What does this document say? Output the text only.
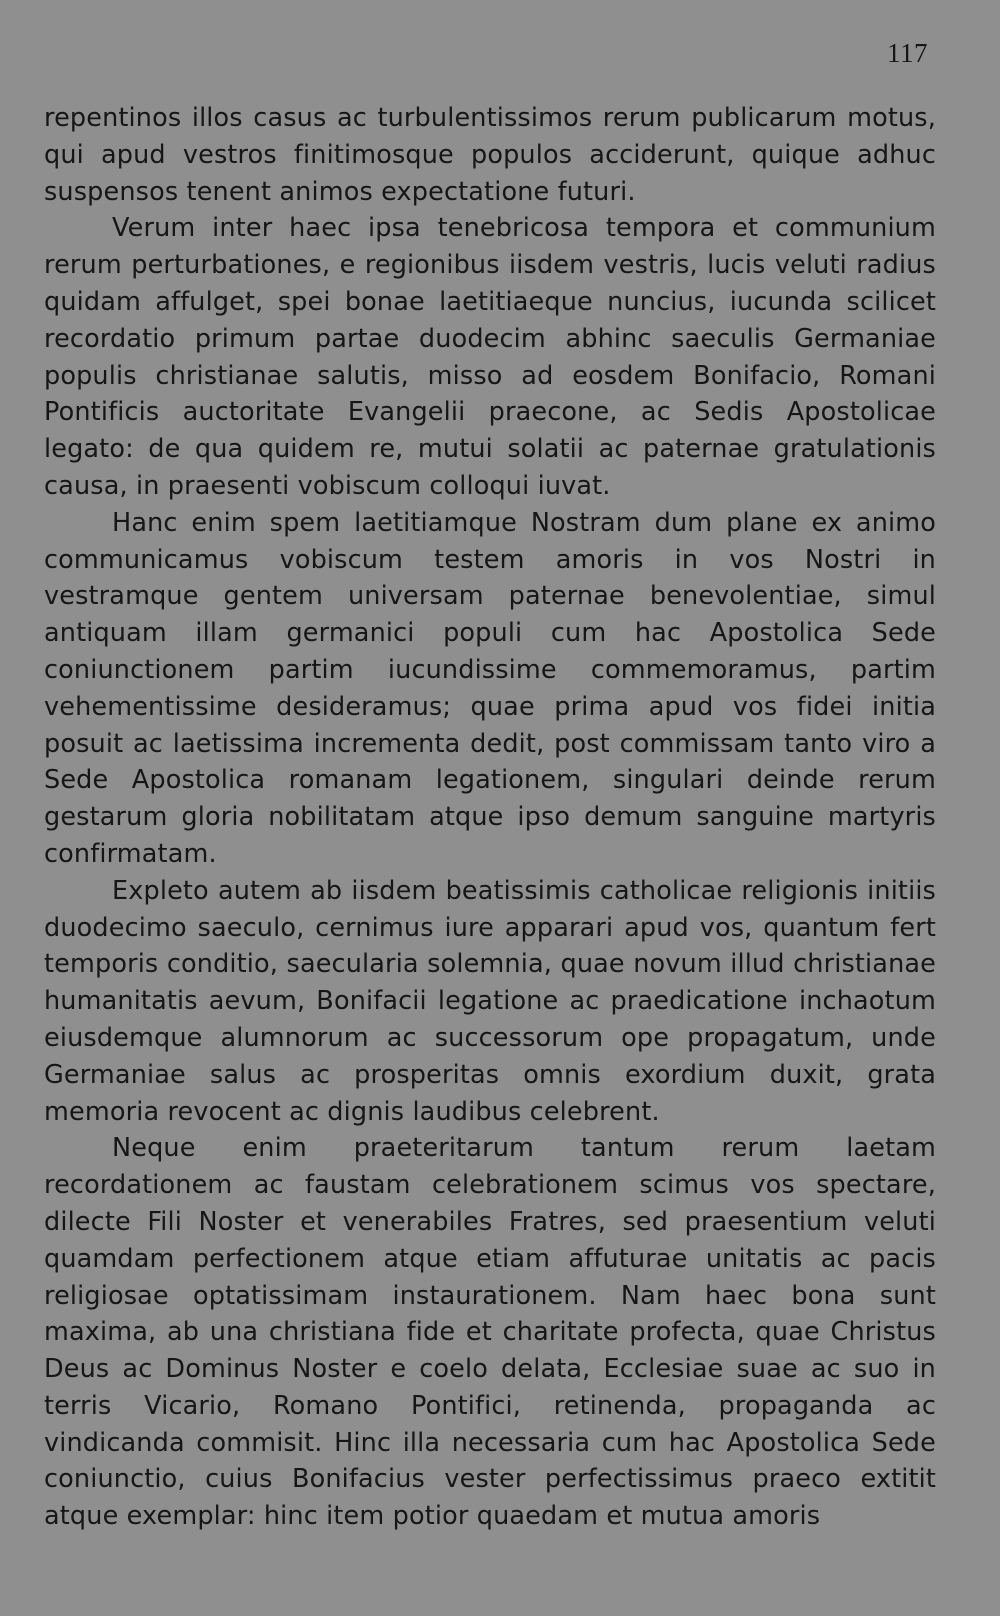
117

repentinos illos casus ac turbulentissimos rerum publicarum motus, qui apud vestros finitimosque populos acciderunt, quique adhuc suspensos tenent animos expectatione futuri.

Verum inter haec ipsa tenebricosa tempora et communium rerum perturbationes, e regionibus iisdem vestris, lucis veluti radius quidam affulget, spei bonae laetitiaeque nuncius, iucunda scilicet recordatio primum partae duodecim abhinc saeculis Germaniae populis christianae salutis, misso ad eosdem Bonifacio, Romani Pontificis auctoritate Evangelii praecone, ac Sedis Apostolicae legato: de qua quidem re, mutui solatii ac paternae gratulationis causa, in praesenti vobiscum colloqui iuvat.

Hanc enim spem laetitiamque Nostram dum plane ex animo communicamus vobiscum testem amoris in vos Nostri in vestramque gentem universam paternae benevolentiae, simul antiquam illam germanici populi cum hac Apostolica Sede coniunctionem partim iucundissime commemoramus, partim vehementissime desideramus; quae prima apud vos fidei initia posuit ac laetissima incrementa dedit, post commissam tanto viro a Sede Apostolica romanam legationem, singulari deinde rerum gestarum gloria nobilitatam atque ipso demum sanguine martyris confirmatam.

Expleto autem ab iisdem beatissimis catholicae religionis initiis duodecimo saeculo, cernimus iure apparari apud vos, quantum fert temporis conditio, saecularia solemnia, quae novum illud christianae humanitatis aevum, Bonifacii legatione ac praedicatione inchaotum eiusdemque alumnorum ac successorum ope propagatum, unde Germaniae salus ac prosperitas omnis exordium duxit, grata memoria revocent ac dignis laudibus celebrent.

Neque enim praeteritarum tantum rerum laetam recordationem ac faustam celebrationem scimus vos spectare, dilecte Fili Noster et venerabiles Fratres, sed praesentium veluti quamdam perfectionem atque etiam affuturae unitatis ac pacis religiosae optatissimam instaurationem. Nam haec bona sunt maxima, ab una christiana fide et charitate profecta, quae Christus Deus ac Dominus Noster e coelo delata, Ecclesiae suae ac suo in terris Vicario, Romano Pontifici, retinenda, propaganda ac vindicanda commisit. Hinc illa necessaria cum hac Apostolica Sede coniunctio, cuius Bonifacius vester perfectissimus praeco extitit atque exemplar: hinc item potior quaedam et mutua amoris
